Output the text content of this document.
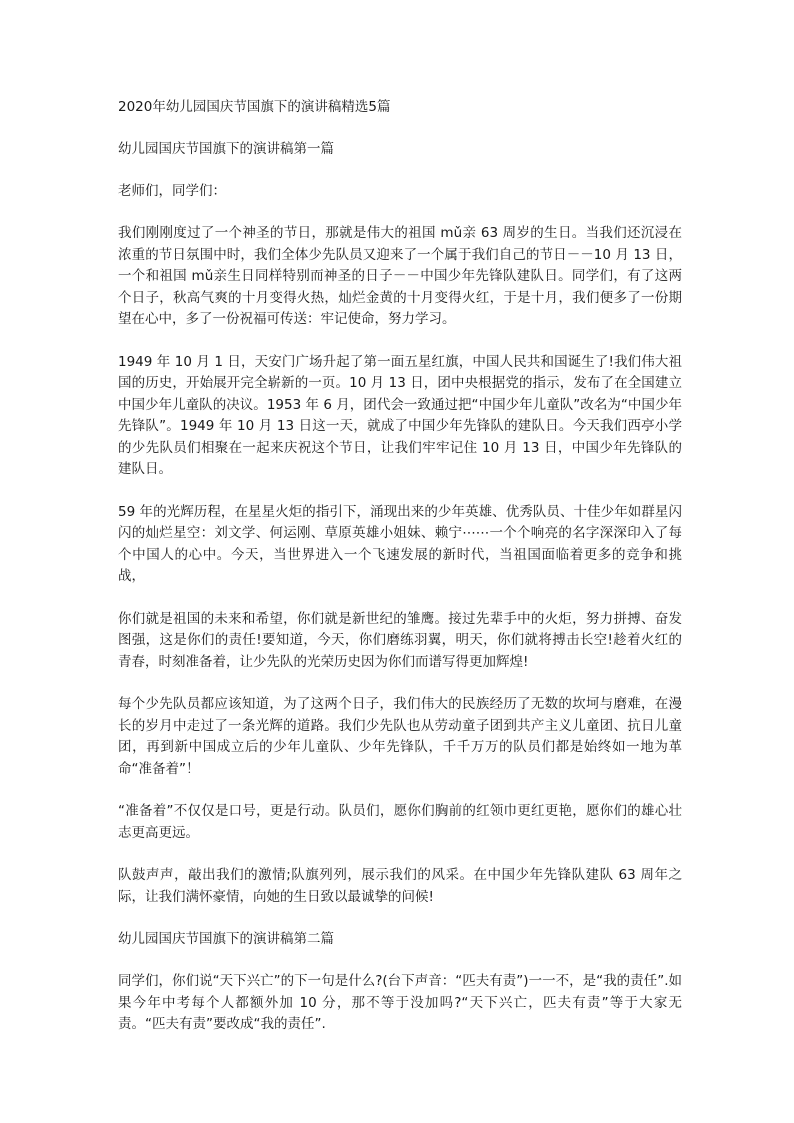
2020年幼儿园国庆节国旗下的演讲稿精选5篇

幼儿园国庆节国旗下的演讲稿第一篇

老师们，同学们：

我们刚刚度过了一个神圣的节日，那就是伟大的祖国 mǔ亲 63 周岁的生日。当我们还沉浸在浓重的节日氛围中时，我们全体少先队员又迎来了一个属于我们自己的节日－－10 月 13 日，一个和祖国 mǔ亲生日同样特别而神圣的日子－－中国少年先锋队建队日。同学们，有了这两个日子，秋高气爽的十月变得火热，灿烂金黄的十月变得火红，于是十月，我们便多了一份期望在心中，多了一份祝福可传送：牢记使命，努力学习。

1949 年 10 月 1 日，天安门广场升起了第一面五星红旗，中国人民共和国诞生了!我们伟大祖国的历史，开始展开完全崭新的一页。10 月 13 日，团中央根据党的指示，发布了在全国建立中国少年儿童队的决议。1953 年 6 月，团代会一致通过把“中国少年儿童队”改名为“中国少年先锋队”。1949 年 10 月 13 日这一天，就成了中国少年先锋队的建队日。今天我们西亭小学的少先队员们相聚在一起来庆祝这个节日，让我们牢牢记住 10 月 13 日，中国少年先锋队的建队日。

59 年的光辉历程，在星星火炬的指引下，涌现出来的少年英雄、优秀队员、十佳少年如群星闪闪的灿烂星空：刘文学、何运刚、草原英雄小姐妹、赖宁⋯⋯一个个响亮的名字深深印入了每个中国人的心中。今天，当世界进入一个飞速发展的新时代，当祖国面临着更多的竞争和挑战，

你们就是祖国的未来和希望，你们就是新世纪的雏鹰。接过先辈手中的火炬，努力拼搏、奋发图强，这是你们的责任!要知道，今天，你们磨练羽翼，明天，你们就将搏击长空!趁着火红的青春，时刻准备着，让少先队的光荣历史因为你们而谱写得更加辉煌!

每个少先队员都应该知道，为了这两个日子，我们伟大的民族经历了无数的坎坷与磨难，在漫长的岁月中走过了一条光辉的道路。我们少先队也从劳动童子团到共产主义儿童团、抗日儿童团，再到新中国成立后的少年儿童队、少年先锋队，千千万万的队员们都是始终如一地为革命“准备着”！

“准备着”不仅仅是口号，更是行动。队员们，愿你们胸前的红领巾更红更艳，愿你们的雄心壮志更高更远。

队鼓声声，敲出我们的激情;队旗列列，展示我们的风采。在中国少年先锋队建队 63 周年之际，让我们满怀豪情，向她的生日致以最诚挚的问候!

幼儿园国庆节国旗下的演讲稿第二篇

同学们，你们说“天下兴亡”的下一句是什么?(台下声音：“匹夫有责”)一一不，是“我的责任”.如果今年中考每个人都额外加 10 分，那不等于没加吗?“天下兴亡，匹夫有责”等于大家无责。“匹夫有责”要改成“我的责任”.
